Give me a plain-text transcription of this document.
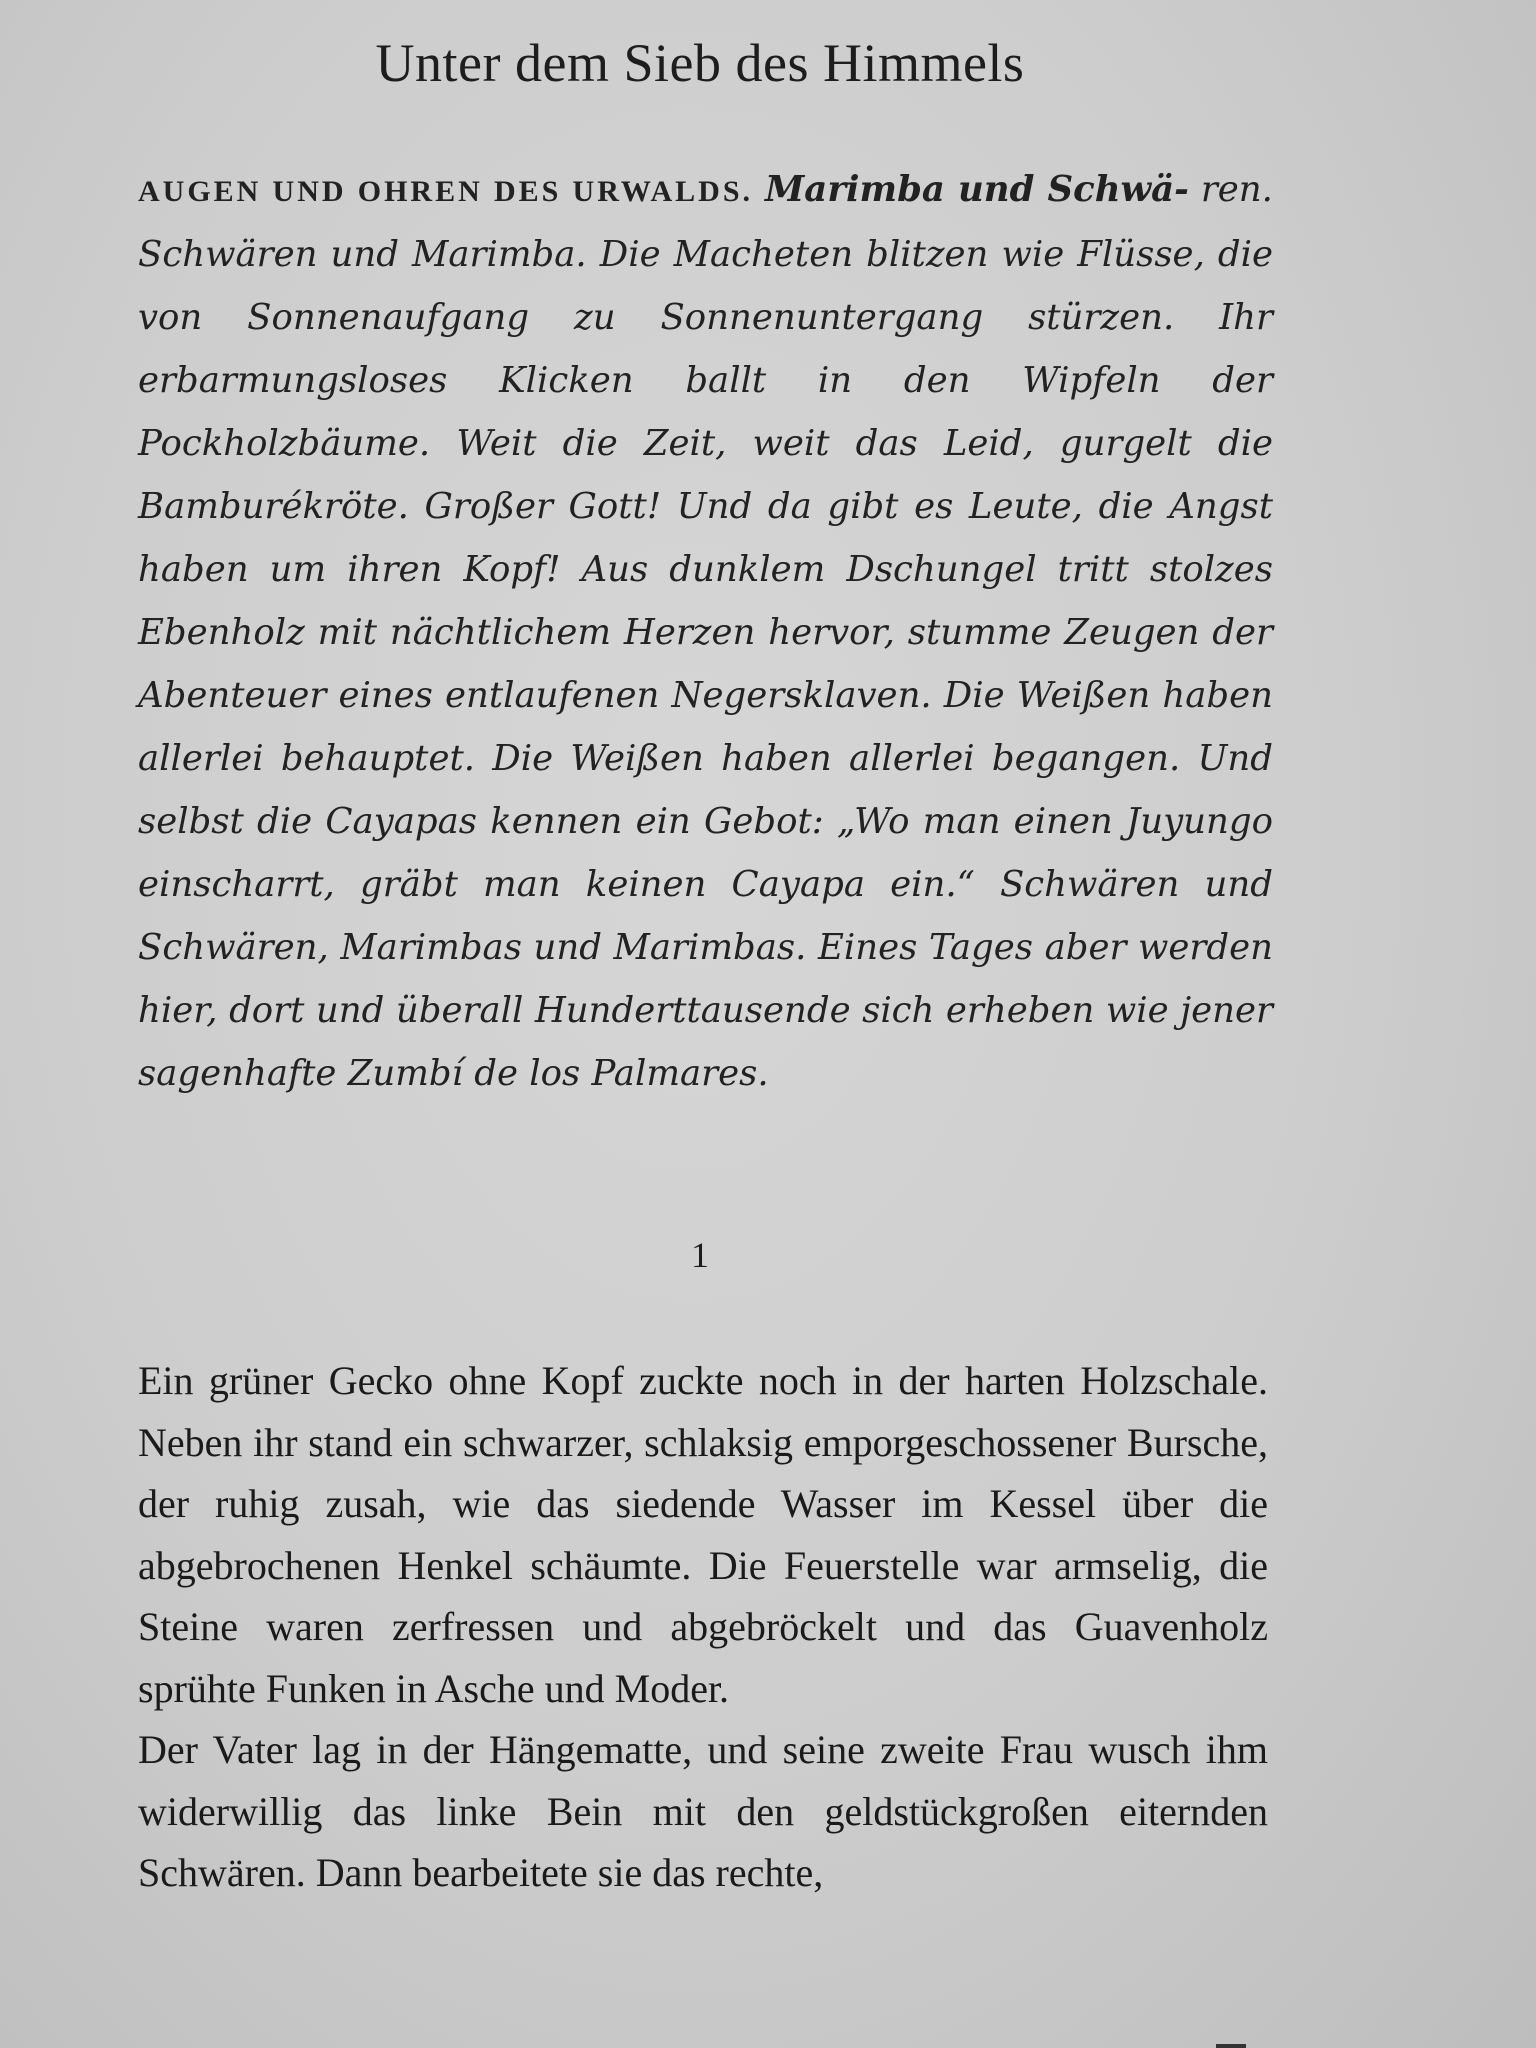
Unter dem Sieb des Himmels
AUGEN UND OHREN DES URWALDS. Marimba und Schwä- ren. Schwären und Marimba. Die Macheten blitzen wie Flüsse, die von Sonnenaufgang zu Sonnenuntergang stürzen. Ihr erbarmungsloses Klicken ballt in den Wipfeln der Pockholzbäume. Weit die Zeit, weit das Leid, gurgelt die Bamburékröte. Großer Gott! Und da gibt es Leute, die Angst haben um ihren Kopf! Aus dunklem Dschungel tritt stolzes Ebenholz mit nächtlichem Herzen hervor, stumme Zeugen der Abenteuer eines entlaufenen Negersklaven. Die Weißen haben allerlei behauptet. Die Weißen haben allerlei begangen. Und selbst die Cayapas kennen ein Gebot: „Wo man einen Juyungo einscharrt, gräbt man keinen Cayapa ein.“ Schwären und Schwären, Marimbas und Marimbas. Eines Tages aber werden hier, dort und überall Hunderttausende sich erheben wie jener sagenhafte Zumbí de los Palmares.
1

Ein grüner Gecko ohne Kopf zuckte noch in der harten Holzschale. Neben ihr stand ein schwarzer, schlaksig emporgeschossener Bursche, der ruhig zusah, wie das siedende Wasser im Kessel über die abgebrochenen Henkel schäumte. Die Feuerstelle war armselig, die Steine waren zerfressen und abgebröckelt und das Guavenholz sprühte Funken in Asche und Moder.

Der Vater lag in der Hängematte, und seine zweite Frau wusch ihm widerwillig das linke Bein mit den geldstückgroßen eiternden Schwären. Dann bearbeitete sie das rechte,
